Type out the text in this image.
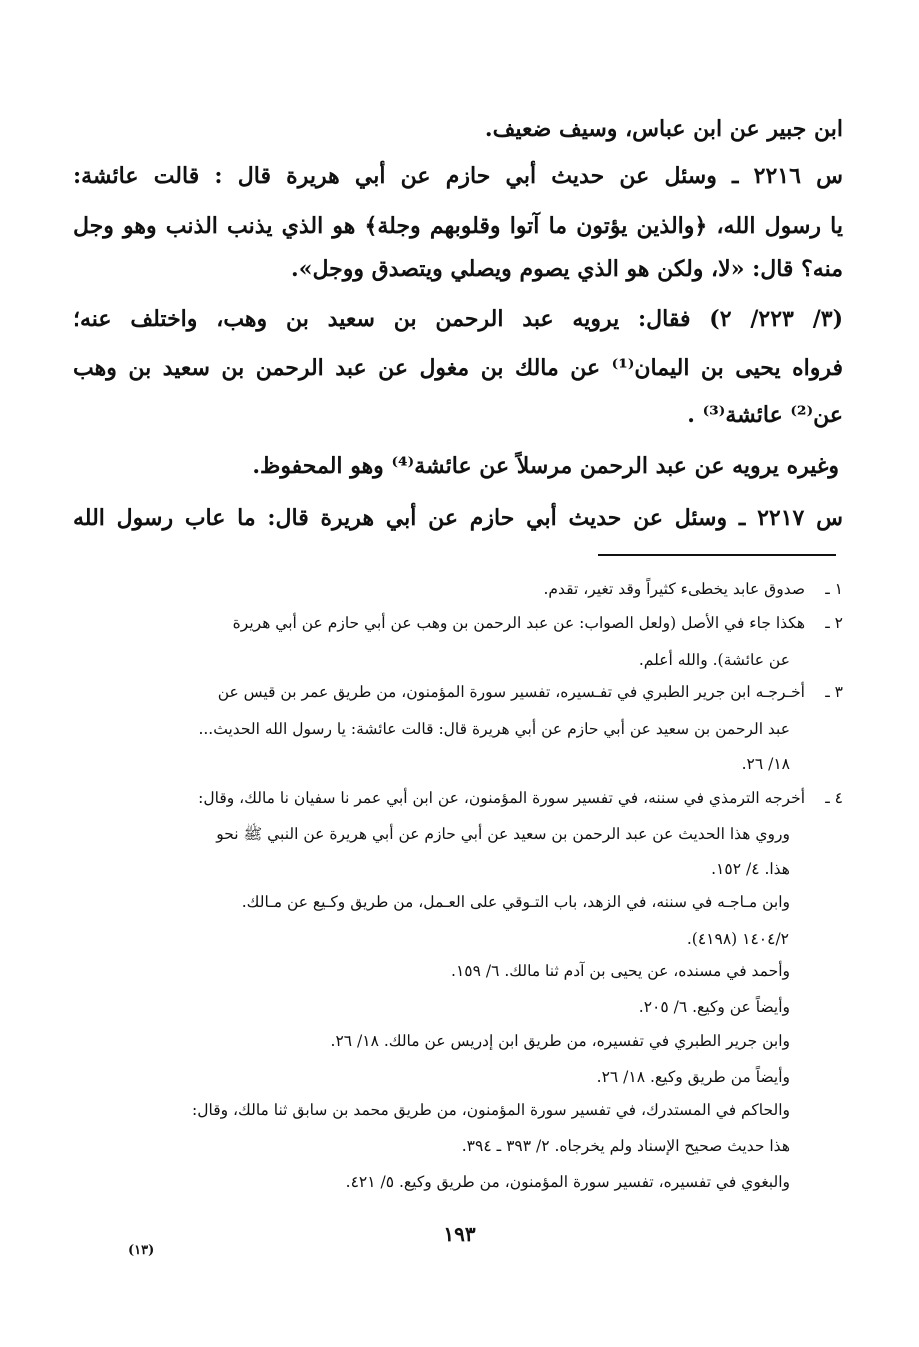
ابن جبير عن ابن عباس، وسيف ضعيف.
س ٢٢١٦ ـ وسئل عن حديث أبي حازم عن أبي هريرة قال : قالت عائشة:
يا رسول الله، ﴿والذين يؤتون ما آتوا وقلوبهم وجلة﴾ هو الذي يذنب الذنب وهو وجل
منه؟ قال: «لا، ولكن هو الذي يصوم ويصلي ويتصدق ووجل».
(٣/ ٢٢٣/ ٢) فقال: يرويه عبد الرحمن بن سعيد بن وهب، واختلف عنه؛
فرواه يحيى بن اليمان⁽¹⁾ عن مالك بن مغول عن عبد الرحمن بن سعيد بن وهب
عن⁽²⁾ عائشة⁽³⁾ .
وغيره يرويه عن عبد الرحمن مرسلاً عن عائشة⁽⁴⁾ وهو المحفوظ.
س ٢٢١٧ ـ وسئل عن حديث أبي حازم عن أبي هريرة قال: ما عاب رسول الله
١ ـصدوق عابد يخطىء كثيراً وقد تغير، تقدم.
٢ ـهكذا جاء في الأصل (ولعل الصواب: عن عبد الرحمن بن وهب عن أبي حازم عن أبي هريرة
عن عائشة). والله أعلم.
٣ ـأخـرجـه ابن جرير الطبري في تفـسيره، تفسير سورة المؤمنون، من طريق عمر بن قيس عن
عبد الرحمن بن سعيد عن أبي حازم عن أبي هريرة قال: قالت عائشة: يا رسول الله الحديث...
١٨/ ٢٦.
٤ ـأخرجه الترمذي في سننه، في تفسير سورة المؤمنون، عن ابن أبي عمر نا سفيان نا مالك، وقال:
وروي هذا الحديث عن عبد الرحمن بن سعيد عن أبي حازم عن أبي هريرة عن النبي ﷺ نحو
هذا. ٤/ ١٥٢.
وابن مـاجـه في سننه، في الزهد، باب التـوقي على العـمل، من طريق وكـيع عن مـالك.
١٤٠٤/٢ (٤١٩٨).
وأحمد في مسنده، عن يحيى بن آدم ثنا مالك. ٦/ ١٥٩.
وأيضاً عن وكيع. ٦/ ٢٠٥.
وابن جرير الطبري في تفسيره، من طريق ابن إدريس عن مالك. ١٨/ ٢٦.
وأيضاً من طريق وكيع. ١٨/ ٢٦.
والحاكم في المستدرك، في تفسير سورة المؤمنون، من طريق محمد بن سابق ثنا مالك، وقال:
هذا حديث صحيح الإسناد ولم يخرجاه. ٢/ ٣٩٣ ـ ٣٩٤.
والبغوي في تفسيره، تفسير سورة المؤمنون، من طريق وكيع. ٥/ ٤٢١.
١٩٣
(١٣)
